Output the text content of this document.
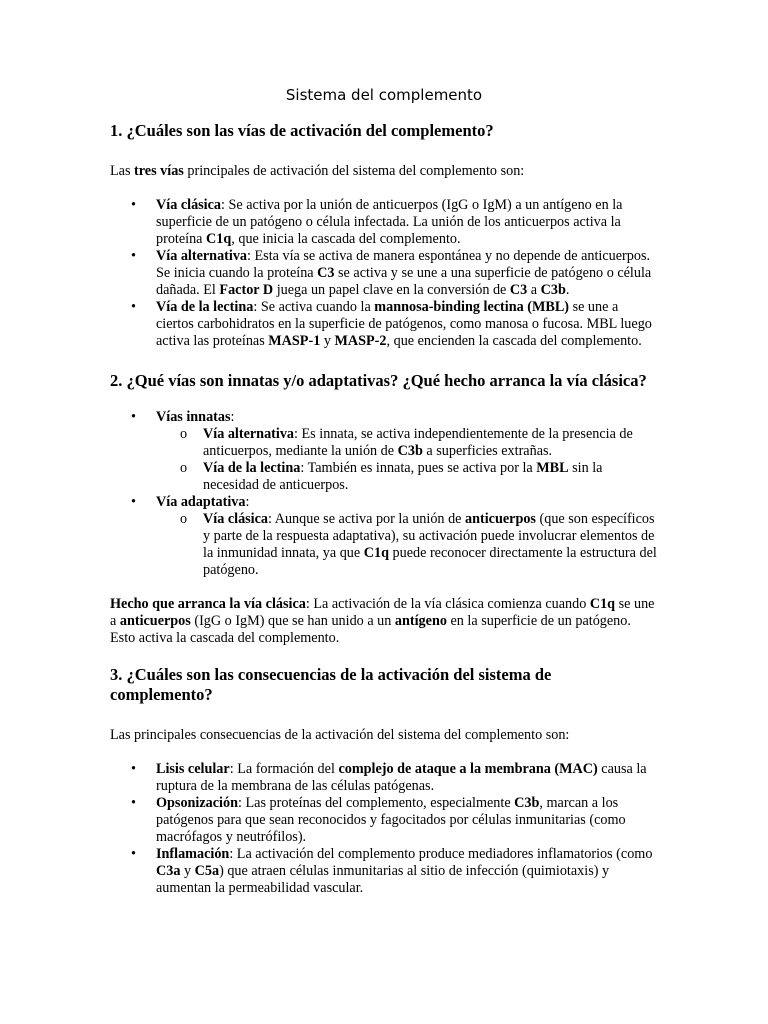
Sistema del complemento
1. ¿Cuáles son las vías de activación del complemento?

Las tres vías principales de activación del sistema del complemento son:

• Vía clásica: Se activa por la unión de anticuerpos (IgG o IgM) a un antígeno en la superficie de un patógeno o célula infectada. La unión de los anticuerpos activa la proteína C1q, que inicia la cascada del complemento.
• Vía alternativa: Esta vía se activa de manera espontánea y no depende de anticuerpos. Se inicia cuando la proteína C3 se activa y se une a una superficie de patógeno o célula dañada. El Factor D juega un papel clave en la conversión de C3 a C3b.
• Vía de la lectina: Se activa cuando la mannosa-binding lectina (MBL) se une a ciertos carbohidratos en la superficie de patógenos, como manosa o fucosa. MBL luego activa las proteínas MASP-1 y MASP-2, que encienden la cascada del complemento.
2. ¿Qué vías son innatas y/o adaptativas? ¿Qué hecho arranca la vía clásica?
• Vías innatas:
o Vía alternativa: Es innata, se activa independientemente de la presencia de anticuerpos, mediante la unión de C3b a superficies extrañas.
o Vía de la lectina: También es innata, pues se activa por la MBL sin la necesidad de anticuerpos.
• Vía adaptativa:
o Vía clásica: Aunque se activa por la unión de anticuerpos (que son específicos y parte de la respuesta adaptativa), su activación puede involucrar elementos de la inmunidad innata, ya que C1q puede reconocer directamente la estructura del patógeno.

Hecho que arranca la vía clásica: La activación de la vía clásica comienza cuando C1q se une a anticuerpos (IgG o IgM) que se han unido a un antígeno en la superficie de un patógeno. Esto activa la cascada del complemento.

3. ¿Cuáles son las consecuencias de la activación del sistema de complemento?

Las principales consecuencias de la activación del sistema del complemento son:

• Lisis celular: La formación del complejo de ataque a la membrana (MAC) causa la ruptura de la membrana de las células patógenas.
• Opsonización: Las proteínas del complemento, especialmente C3b, marcan a los patógenos para que sean reconocidos y fagocitados por células inmunitarias (como macrófagos y neutrófilos).
• Inflamación: La activación del complemento produce mediadores inflamatorios (como C3a y C5a) que atraen células inmunitarias al sitio de infección (quimiotaxis) y aumentan la permeabilidad vascular.
